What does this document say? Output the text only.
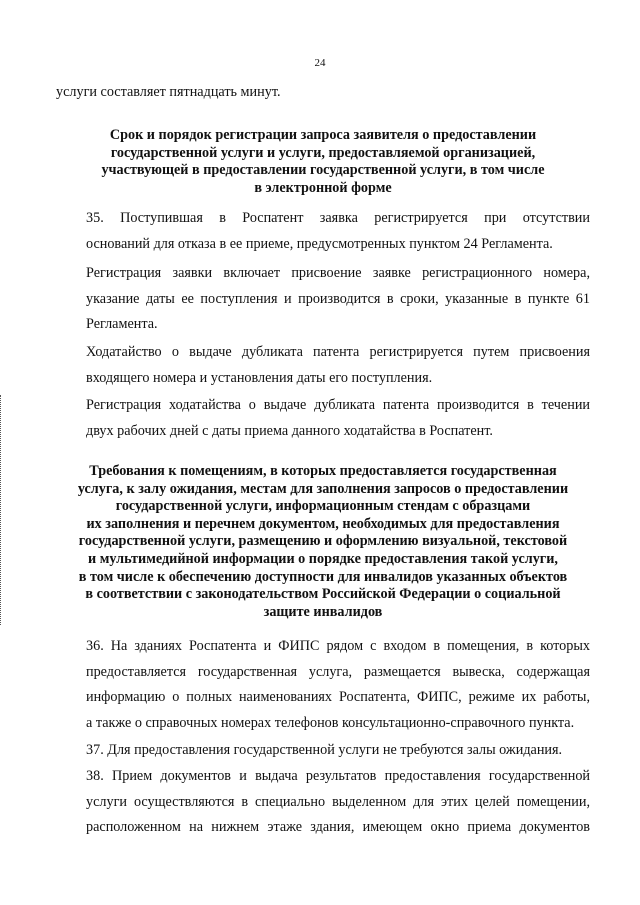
24

услуги составляет пятнадцать минут.

Срок и порядок регистрации запроса заявителя о предоставлении
государственной услуги и услуги, предоставляемой организацией,
участвующей в предоставлении государственной услуги, в том числе
в электронной форме

35. Поступившая в Роспатент заявка регистрируется при отсутствии
оснований для отказа в ее приеме, предусмотренных пунктом 24 Регламента.

Регистрация заявки включает присвоение заявке регистрационного номера,
указание даты ее поступления и производится в сроки, указанные в пункте 61
Регламента.

Ходатайство о выдаче дубликата патента регистрируется путем присвоения
входящего номера и установления даты его поступления.

Регистрация ходатайства о выдаче дубликата патента производится в течении
двух рабочих дней с даты приема данного ходатайства в Роспатент.

Требования к помещениям, в которых предоставляется государственная
услуга, к залу ожидания, местам для заполнения запросов о предоставлении
государственной услуги, информационным стендам с образцами
их заполнения и перечнем документом, необходимых для предоставления
государственной услуги, размещению и оформлению визуальной, текстовой
и мультимедийной информации о порядке предоставления такой услуги,
в том числе к обеспечению доступности для инвалидов указанных объектов
в соответствии с законодательством Российской Федерации о социальной
защите инвалидов

36. На зданиях Роспатента и ФИПС рядом с входом в помещения, в которых
предоставляется государственная услуга, размещается вывеска, содержащая
информацию о полных наименованиях Роспатента, ФИПС, режиме их работы,
а также о справочных номерах телефонов консультационно-справочного пункта.

37. Для предоставления государственной услуги не требуются залы ожидания.

38. Прием документов и выдача результатов предоставления государственной
услуги осуществляются в специально выделенном для этих целей помещении,
расположенном на нижнем этаже здания, имеющем окно приема документов
